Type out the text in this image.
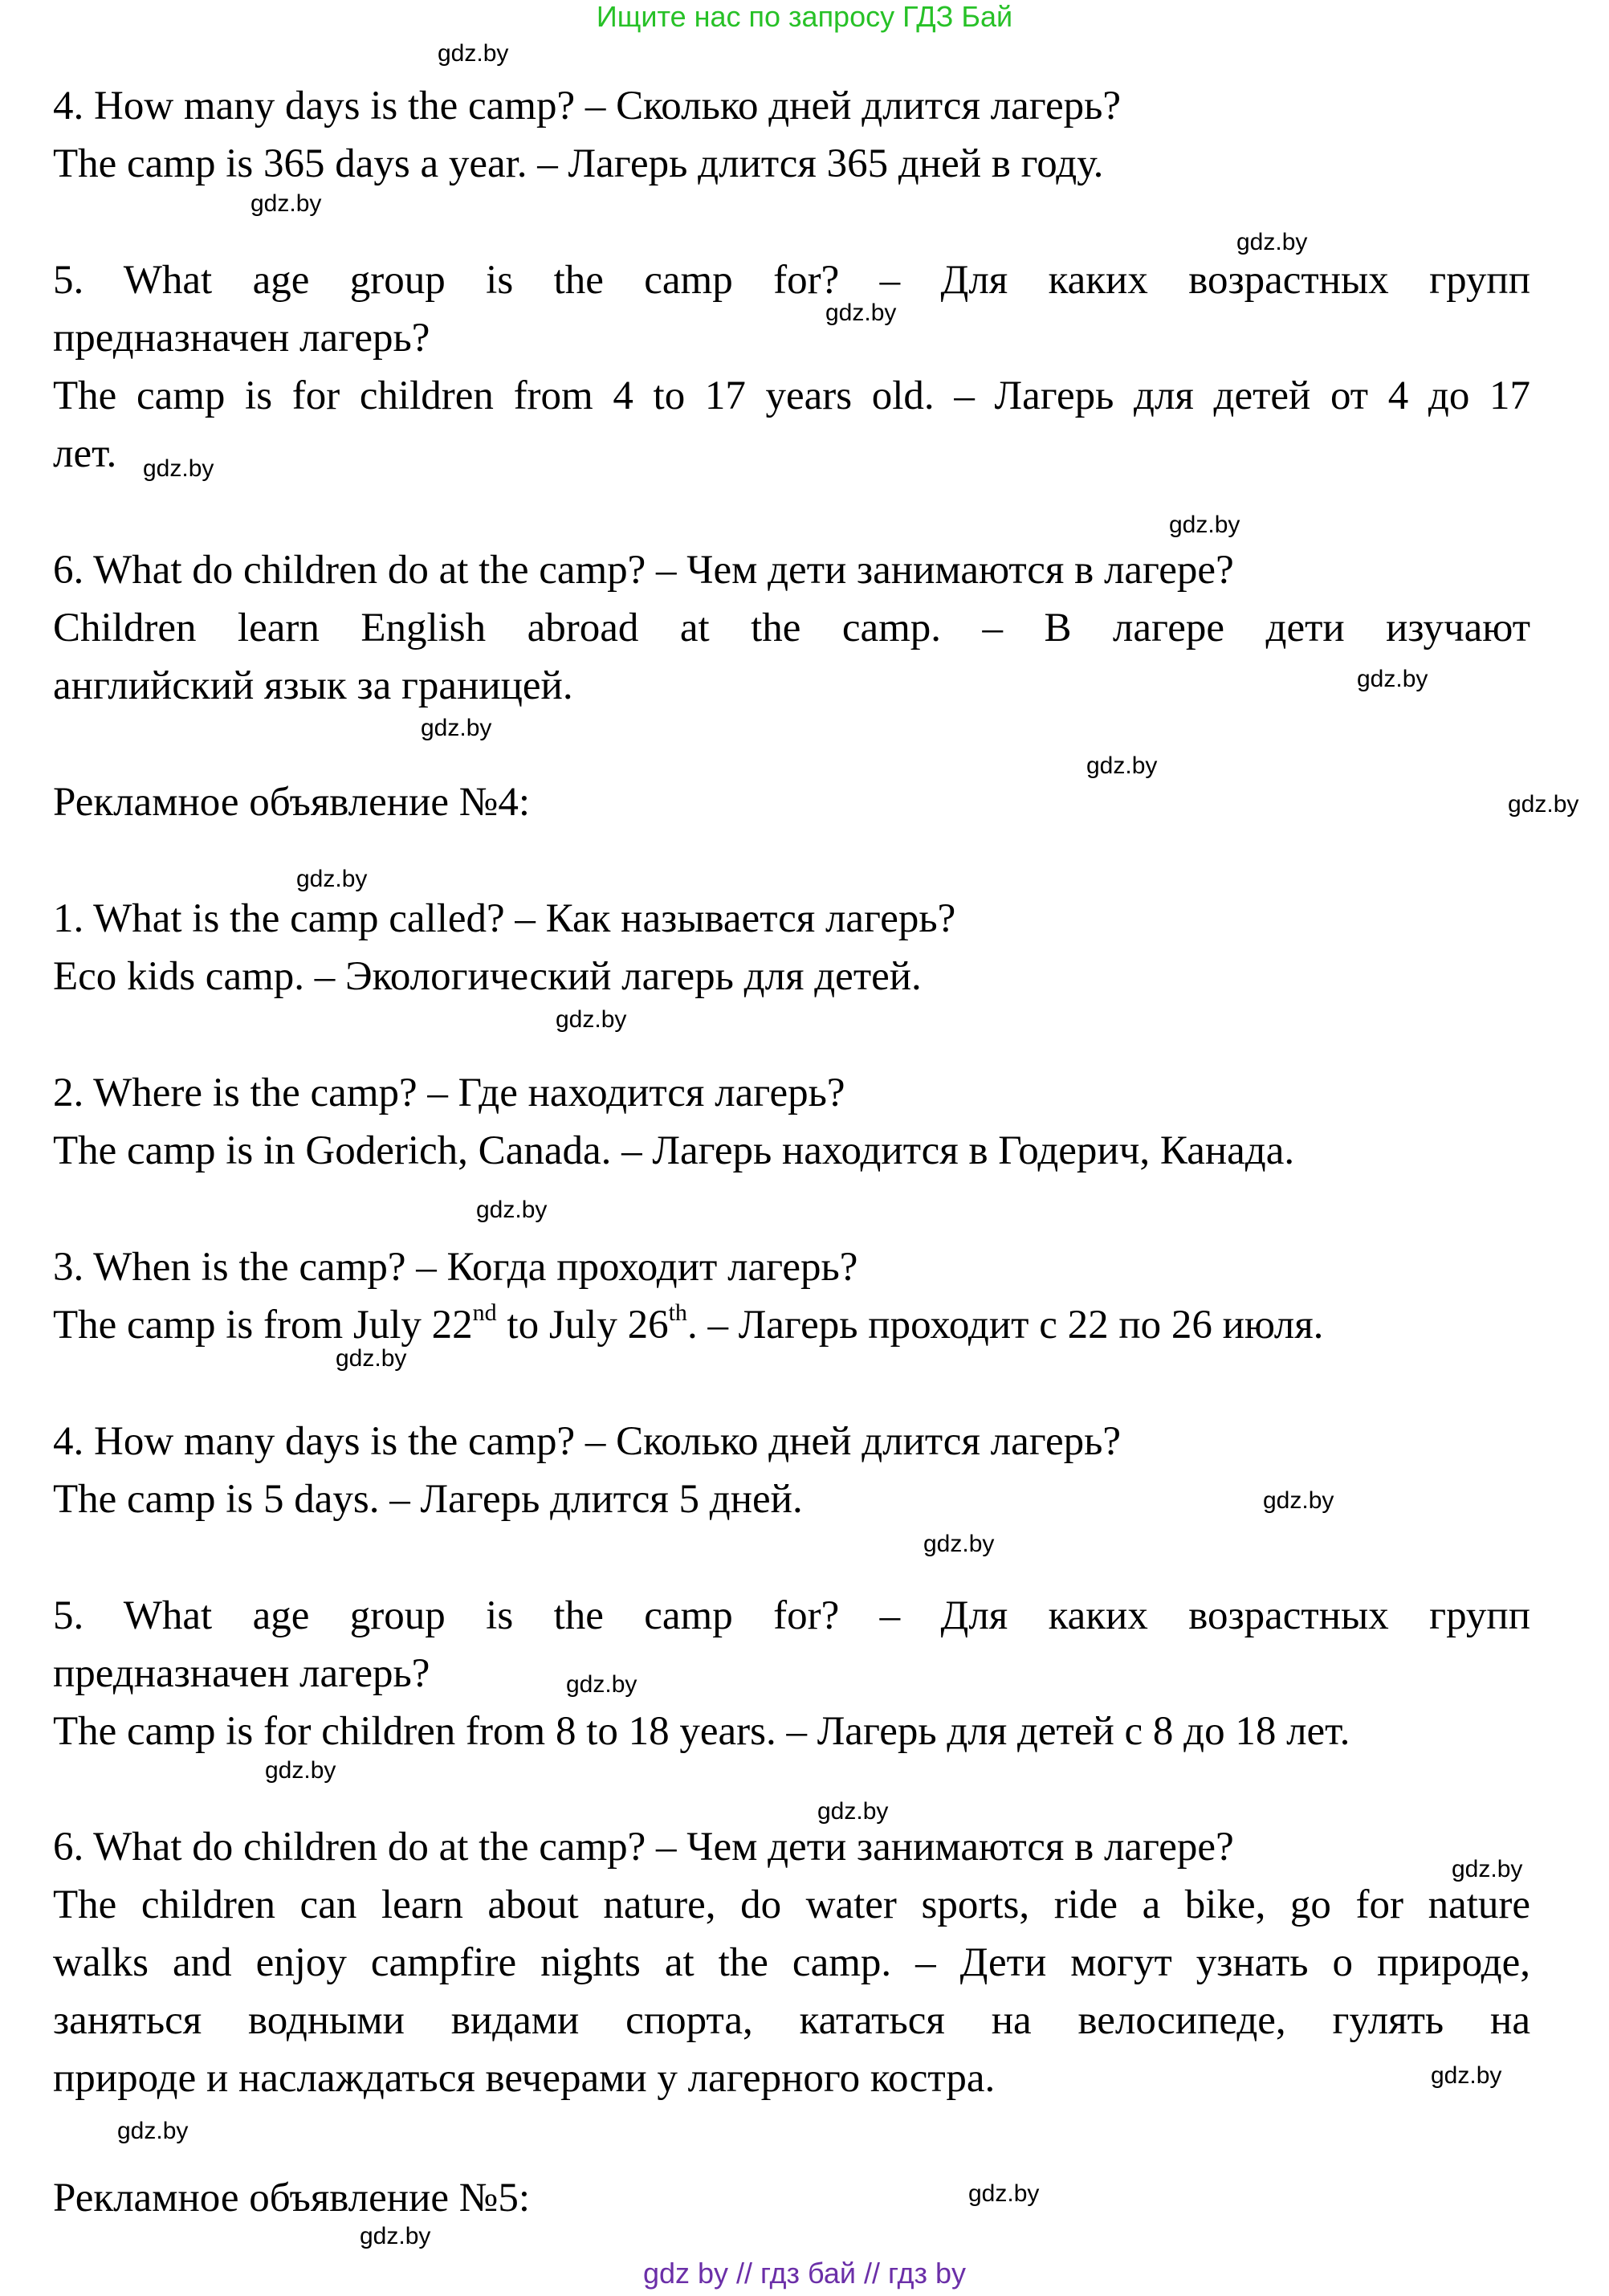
Ищите нас по запросу ГДЗ Бай
4. How many days is the camp? – Сколько дней длится лагерь?
The camp is 365 days a year. – Лагерь длится 365 дней в году.
5. What age group is the camp for? – Для каких возрастных групп
предназначен лагерь?
The camp is for children from 4 to 17 years old. – Лагерь для детей от 4 до 17
лет.
6. What do children do at the camp? – Чем дети занимаются в лагере?
Children learn English abroad at the camp. – В лагере дети изучают
английский язык за границей.
Рекламное объявление №4:
1. What is the camp called? – Как называется лагерь?
Eco kids camp. – Экологический лагерь для детей.
2. Where is the camp? – Где находится лагерь?
The camp is in Goderich, Canada. – Лагерь находится в Годерич, Канада.
3. When is the camp? – Когда проходит лагерь?
The camp is from July 22nd to July 26th. – Лагерь проходит с 22 по 26 июля.
4. How many days is the camp? – Сколько дней длится лагерь?
The camp is 5 days. – Лагерь длится 5 дней.
5. What age group is the camp for? – Для каких возрастных групп
предназначен лагерь?
The camp is for children from 8 to 18 years. – Лагерь для детей с 8 до 18 лет.
6. What do children do at the camp? – Чем дети занимаются в лагере?
The children can learn about nature, do water sports, ride a bike, go for nature
walks and enjoy campfire nights at the camp. – Дети могут узнать о природе,
заняться водными видами спорта, кататься на велосипеде, гулять на
природе и наслаждаться вечерами у лагерного костра.
Рекламное объявление №5:
gdz.by
gdz.by
gdz.by
gdz.by
gdz.by
gdz.by
gdz.by
gdz.by
gdz.by
gdz.by
gdz.by
gdz.by
gdz.by
gdz.by
gdz.by
gdz.by
gdz.by
gdz.by
gdz.by
gdz.by
gdz.by
gdz.by
gdz.by
gdz.by
gdz by // гдз бай // гдз by
